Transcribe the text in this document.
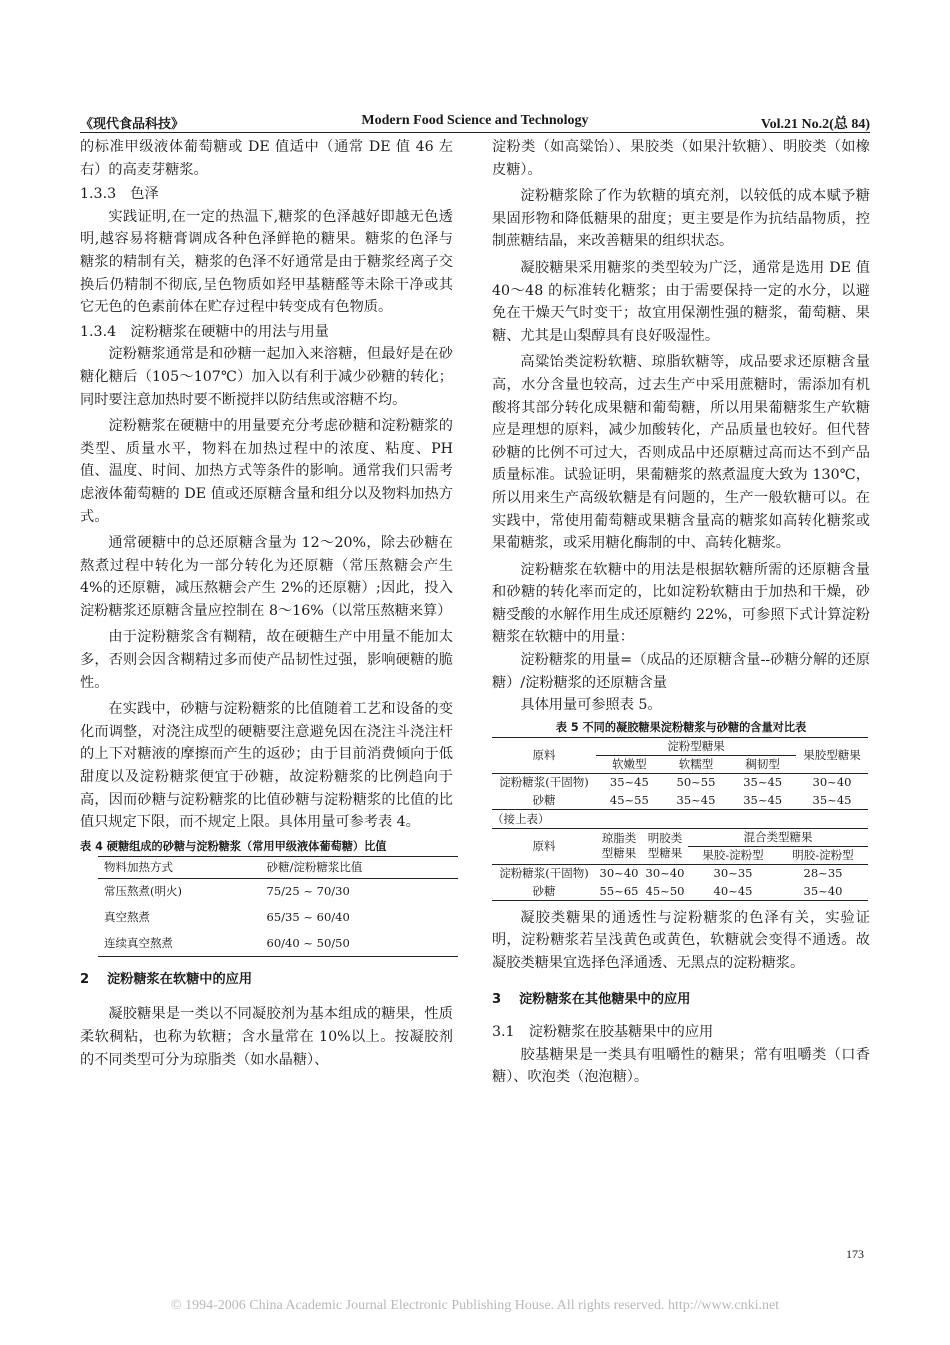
《现代食品科技》	Modern Food Science and Technology	Vol.21 No.2(总 84)

的标准甲级液体葡萄糖或 DE 值适中（通常 DE 值 46 左右）的高麦芽糖浆。

1.3.3　色泽

实践证明,在一定的热温下,糖浆的色泽越好即越无色透明,越容易将糖膏调成各种色泽鲜艳的糖果。糖浆的色泽与糖浆的精制有关，糖浆的色泽不好通常是由于糖浆经离子交换后仍精制不彻底,呈色物质如羟甲基糖醛等未除干净或其它无色的色素前体在贮存过程中转变成有色物质。

1.3.4　淀粉糖浆在硬糖中的用法与用量

淀粉糖浆通常是和砂糖一起加入来溶糖，但最好是在砂糖化糖后（105～107℃）加入以有利于减少砂糖的转化；同时要注意加热时要不断搅拌以防结焦或溶糖不均。

淀粉糖浆在硬糖中的用量要充分考虑砂糖和淀粉糖浆的类型、质量水平，物料在加热过程中的浓度、粘度、PH 值、温度、时间、加热方式等条件的影响。通常我们只需考虑液体葡萄糖的 DE 值或还原糖含量和组分以及物料加热方式。

通常硬糖中的总还原糖含量为 12～20%，除去砂糖在熬煮过程中转化为一部分转化为还原糖（常压熬糖会产生 4%的还原糖，减压熬糖会产生 2%的还原糖）;因此，投入淀粉糖浆还原糖含量应控制在 8～16%（以常压熬糖来算）

由于淀粉糖浆含有糊精，故在硬糖生产中用量不能加太多，否则会因含糊精过多而使产品韧性过强，影响硬糖的脆性。

在实践中，砂糖与淀粉糖浆的比值随着工艺和设备的变化而调整，对浇注成型的硬糖要注意避免因在浇注斗浇注杆的上下对糖液的摩擦而产生的返砂；由于目前消费倾向于低甜度以及淀粉糖浆便宜于砂糖，故淀粉糖浆的比例趋向于高，因而砂糖与淀粉糖浆的比值砂糖与淀粉糖浆的比值的比值只规定下限，而不规定上限。具体用量可参考表 4。

表 4 硬糖组成的砂糖与淀粉糖浆（常用甲级液体葡萄糖）比值
物料加热方式	砂糖/淀粉糖浆比值
常压熬煮(明火)	75/25 ~ 70/30
真空熬煮	65/35 ~ 60/40
连续真空熬煮	60/40 ~ 50/50

2　 淀粉糖浆在软糖中的应用

凝胶糖果是一类以不同凝胶剂为基本组成的糖果，性质柔软稠粘，也称为软糖；含水量常在 10%以上。按凝胶剂的不同类型可分为琼脂类（如水晶糖）、

淀粉类（如高粱饴）、果胶类（如果汁软糖）、明胶类（如橡皮糖）。

淀粉糖浆除了作为软糖的填充剂，以较低的成本赋予糖果固形物和降低糖果的甜度；更主要是作为抗结晶物质，控制蔗糖结晶，来改善糖果的组织状态。

凝胶糖果采用糖浆的类型较为广泛，通常是选用 DE 值 40～48 的标准转化糖浆；由于需要保持一定的水分，以避免在干燥天气时变干；故宜用保潮性强的糖浆，葡萄糖、果糖、尤其是山梨醇具有良好吸湿性。

高粱饴类淀粉软糖、琼脂软糖等，成品要求还原糖含量高，水分含量也较高，过去生产中采用蔗糖时，需添加有机酸将其部分转化成果糖和葡萄糖，所以用果葡糖浆生产软糖应是理想的原料，减少加酸转化，产品质量也较好。但代替砂糖的比例不可过大，否则成品中还原糖过高而达不到产品质量标准。试验证明，果葡糖浆的熬煮温度大致为 130℃，所以用来生产高级软糖是有问题的，生产一般软糖可以。在实践中，常使用葡萄糖或果糖含量高的糖浆如高转化糖浆或果葡糖浆，或采用糖化酶制的中、高转化糖浆。

淀粉糖浆在软糖中的用法是根据软糖所需的还原糖含量和砂糖的转化率而定的，比如淀粉软糖由于加热和干燥，砂糖受酸的水解作用生成还原糖约 22%，可参照下式计算淀粉糖浆在软糖中的用量：

淀粉糖浆的用量=（成品的还原糖含量--砂糖分解的还原糖）/淀粉糖浆的还原糖含量

具体用量可参照表 5。

表 5 不同的凝胶糖果淀粉糖浆与砂糖的含量对比表
原料	淀粉型糖果			果胶型糖果
	软嫩型	软糯型	稠韧型	
淀粉糖浆(干固物)	35~45	50~55	35~45	30~40
砂糖	45~55	35~45	35~45	35~45
（接上表）
原料	琼脂类型糖果	明胶类型糖果	混合类型糖果	
			果胶-淀粉型	明胶-淀粉型
淀粉糖浆(干固物)	30~40	30~40	30~35	28~35
砂糖	55~65	45~50	40~45	35~40

凝胶类糖果的通透性与淀粉糖浆的色泽有关，实验证明，淀粉糖浆若呈浅黄色或黄色，软糖就会变得不通透。故凝胶类糖果宜选择色泽通透、无黑点的淀粉糖浆。

3　 淀粉糖浆在其他糖果中的应用

3.1　淀粉糖浆在胶基糖果中的应用

胶基糖果是一类具有咀嚼性的糖果；常有咀嚼类（口香糖）、吹泡类（泡泡糖）。

173
© 1994-2006 China Academic Journal Electronic Publishing House. All rights reserved. http://www.cnki.net
